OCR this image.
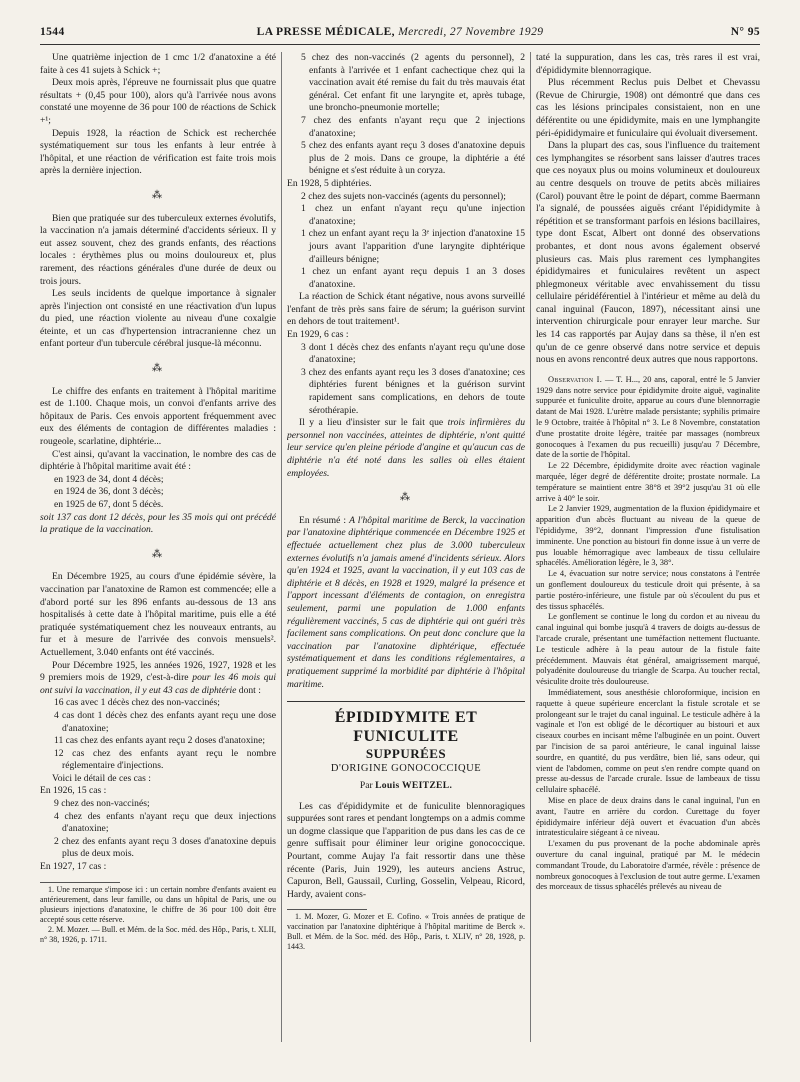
1544	LA PRESSE MÉDICALE, Mercredi, 27 Novembre 1929	N° 95

Une quatrième injection de 1 cmc 1/2 d'anatoxine a été faite à ces 41 sujets à Schick +;

Deux mois après, l'épreuve ne fournissait plus que quatre résultats + (0,45 pour 100), alors qu'à l'arrivée nous avons constaté une moyenne de 36 pour 100 de réactions de Schick +¹;

Depuis 1928, la réaction de Schick est recherchée systématiquement sur tous les enfants à leur entrée à l'hôpital, et une réaction de vérification est faite trois mois après la dernière injection.

⁂

Bien que pratiquée sur des tuberculeux externes évolutifs, la vaccination n'a jamais déterminé d'accidents sérieux. Il y eut assez souvent, chez des grands enfants, des réactions locales : érythèmes plus ou moins douloureux et, plus rarement, des réactions générales d'une durée de deux ou trois jours.

Les seuls incidents de quelque importance à signaler après l'injection ont consisté en une réactivation d'un lupus du pied, une réaction violente au niveau d'une coxalgie éteinte, et un cas d'hypertension intracranienne chez un enfant porteur d'un tubercule cérébral jusque-là méconnu.

⁂

Le chiffre des enfants en traitement à l'hôpital maritime est de 1.100. Chaque mois, un convoi d'enfants arrive des hôpitaux de Paris. Ces envois apportent fréquemment avec eux des éléments de contagion de différentes maladies : rougeole, scarlatine, diphtérie...

C'est ainsi, qu'avant la vaccination, le nombre des cas de diphtérie à l'hôpital maritime avait été :

en 1923 de 34, dont 4 décès;

en 1924 de 36, dont 3 décès;

en 1925 de 67, dont 5 décès.

soit 137 cas dont 12 décès, pour les 35 mois qui ont précédé la pratique de la vaccination.

⁂

En Décembre 1925, au cours d'une épidémie sévère, la vaccination par l'anatoxine de Ramon est commencée; elle a d'abord porté sur les 896 enfants au-dessous de 13 ans hospitalisés à cette date à l'hôpital maritime, puis elle a été pratiquée systématiquement chez les nouveaux entrants, au fur et à mesure de l'arrivée des convois mensuels². Actuellement, 3.040 enfants ont été vaccinés.

Pour Décembre 1925, les années 1926, 1927, 1928 et les 9 premiers mois de 1929, c'est-à-dire pour les 46 mois qui ont suivi la vaccination, il y eut 43 cas de diphtérie dont :

16 cas avec 1 décès chez des non-vaccinés;

4 cas dont 1 décès chez des enfants ayant reçu une dose d'anatoxine;

11 cas chez des enfants ayant reçu 2 doses d'anatoxine;

12 cas chez des enfants ayant reçu le nombre réglementaire d'injections.

Voici le détail de ces cas :

En 1926, 15 cas :

9 chez des non-vaccinés;

4 chez des enfants n'ayant reçu que deux injections d'anatoxine;

2 chez des enfants ayant reçu 3 doses d'anatoxine depuis plus de deux mois.

En 1927, 17 cas :

1. Une remarque s'impose ici : un certain nombre d'enfants avaient eu antérieurement, dans leur famille, ou dans un hôpital de Paris, une ou plusieurs injections d'anatoxine, le chiffre de 36 pour 100 doit être accepté sous cette réserve.

2. M. Mozer. — Bull. et Mém. de la Soc. méd. des Hôp., Paris, t. XLII, n° 38, 1926, p. 1711.

5 chez des non-vaccinés (2 agents du personnel), 2 enfants à l'arrivée et 1 enfant cachectique chez qui la vaccination avait été remise du fait du très mauvais état général. Cet enfant fit une laryngite et, après tubage, une broncho-pneumonie mortelle;

7 chez des enfants n'ayant reçu que 2 injections d'anatoxine;

5 chez des enfants ayant reçu 3 doses d'anatoxine depuis plus de 2 mois. Dans ce groupe, la diphtérie a été bénigne et s'est réduite à un coryza.

En 1928, 5 diphtéries.

2 chez des sujets non-vaccinés (agents du personnel);

1 chez un enfant n'ayant reçu qu'une injection d'anatoxine;

1 chez un enfant ayant reçu la 3ᵉ injection d'anatoxine 15 jours avant l'apparition d'une laryngite diphtérique d'ailleurs bénigne;

1 chez un enfant ayant reçu depuis 1 an 3 doses d'anatoxine.

La réaction de Schick étant négative, nous avons surveillé l'enfant de très près sans faire de sérum; la guérison survint en dehors de tout traitement¹.

En 1929, 6 cas :

3 dont 1 décès chez des enfants n'ayant reçu qu'une dose d'anatoxine;

3 chez des enfants ayant reçu les 3 doses d'anatoxine; ces diphtéries furent bénignes et la guérison survint rapidement sans complications, en dehors de toute sérothérapie.

Il y a lieu d'insister sur le fait que trois infirmières du personnel non vaccinées, atteintes de diphtérie, n'ont quitté leur service qu'en pleine période d'angine et qu'aucun cas de diphtérie n'a été noté dans les salles où elles étaient employées.

⁂

En résumé : A l'hôpital maritime de Berck, la vaccination par l'anatoxine diphtérique commencée en Décembre 1925 et effectuée actuellement chez plus de 3.000 tuberculeux externes évolutifs n'a jamais amené d'incidents sérieux. Alors qu'en 1924 et 1925, avant la vaccination, il y eut 103 cas de diphtérie et 8 décès, en 1928 et 1929, malgré la présence et l'apport incessant d'éléments de contagion, on enregistra seulement, parmi une population de 1.000 enfants régulièrement vaccinés, 5 cas de diphtérie qui ont guéri très facilement sans complications. On peut donc conclure que la vaccination par l'anatoxine diphtérique, effectuée systématiquement et dans les conditions réglementaires, a pratiquement supprimé la morbidité par diphtérie à l'hôpital maritime.

ÉPIDIDYMITE ET FUNICULITE
SUPPURÉES
D'ORIGINE GONOCOCCIQUE
Par Louis WEITZEL.

Les cas d'épididymite et de funiculite blennoragiques suppurées sont rares et pendant longtemps on a admis comme un dogme classique que l'apparition de pus dans les cas de ce genre suffisait pour éliminer leur origine gonococcique. Pourtant, comme Aujay l'a fait ressortir dans une thèse récente (Paris, Juin 1929), les auteurs anciens Astruc, Capuron, Bell, Gaussail, Curling, Gosselin, Velpeau, Ricord, Hardy, avaient cons-

1. M. Mozer, G. Mozer et E. Cofino. « Trois années de pratique de vaccination par l'anatoxine diphtérique à l'hôpital maritime de Berck ». Bull. et Mém. de la Soc. méd. des Hôp., Paris, t. XLIV, n° 28, 1928, p. 1443.

taté la suppuration, dans les cas, très rares il est vrai, d'épididymite blennorragique.

Plus récemment Reclus puis Delbet et Chevassu (Revue de Chirurgie, 1908) ont démontré que dans ces cas les lésions principales consistaient, non en une déférentite ou une épididymite, mais en une lymphangite péri-épididymaire et funiculaire qui évoluait diversement.

Dans la plupart des cas, sous l'influence du traitement ces lymphangites se résorbent sans laisser d'autres traces que ces noyaux plus ou moins volumineux et douloureux au centre desquels on trouve de petits abcès miliaires (Carol) pouvant être le point de départ, comme Baermann l'a signalé, de poussées aiguës créant l'épididymite à répétition et se transformant parfois en lésions bacillaires, type dont Escat, Albert ont donné des observations probantes, et dont nous avons également observé plusieurs cas. Mais plus rarement ces lymphangites épididymaires et funiculaires revêtent un aspect phlegmoneux véritable avec envahissement du tissu cellulaire péridéférentiel à l'intérieur et même au delà du canal inguinal (Faucon, 1897), nécessitant ainsi une intervention chirurgicale pour enrayer leur marche. Sur les 14 cas rapportés par Aujay dans sa thèse, il n'en est qu'un de ce genre observé dans notre service et depuis nous en avons rencontré deux autres que nous rapportons.

Observation I. — T. H..., 20 ans, caporal, entré le 5 Janvier 1929 dans notre service pour épididymite droite aiguë, vaginalite suppurée et funiculite droite, apparue au cours d'une blennorragie datant de Mai 1928. L'urètre malade persistante; syphilis primaire le 9 Octobre, traitée à l'hôpital n° 3. Le 8 Novembre, constatation d'une prostatite droite légère, traitée par massages (nombreux gonocoques à l'examen du pus recueilli) jusqu'au 7 Décembre, date de la sortie de l'hôpital.

Le 22 Décembre, épididymite droite avec réaction vaginale marquée, léger degré de déférentite droite; prostate normale. La température se maintient entre 38°8 et 39°2 jusqu'au 31 où elle arrive à 40° le soir.

Le 2 Janvier 1929, augmentation de la fluxion épididymaire et apparition d'un abcès fluctuant au niveau de la queue de l'épididyme, 39°2, donnant l'impression d'une fistulisation imminente. Une ponction au bistouri fin donne issue à un verre de pus louable hémorragique avec lambeaux de tissu cellulaire sphacélés. Amélioration légère, le 3, 38°.

Le 4, évacuation sur notre service; nous constatons à l'entrée un gonflement douloureux du testicule droit qui présente, à sa partie postéro-inférieure, une fistule par où s'écoulent du pus et des tissus sphacélés.

Le gonflement se continue le long du cordon et au niveau du canal inguinal qui bombe jusqu'à 4 travers de doigts au-dessus de l'arcade crurale, présentant une tuméfaction nettement fluctuante. Le testicule adhère à la peau autour de la fistule faite précédemment. Mauvais état général, amaigrissement marqué, polyadénite douloureuse du triangle de Scarpa. Au toucher rectal, vésiculite droite très douloureuse.

Immédiatement, sous anesthésie chloroformique, incision en raquette à queue supérieure encerclant la fistule scrotale et se prolongeant sur le trajet du canal inguinal. Le testicule adhère à la vaginale et l'on est obligé de le décortiquer au bistouri et aux ciseaux courbes en incisant même l'albuginée en un point. Ouvert par l'incision de sa paroi antérieure, le canal inguinal laisse sourdre, en quantité, du pus verdâtre, bien lié, sans odeur, qui vient de l'abdomen, comme on peut s'en rendre compte quand on presse au-dessus de l'arcade crurale. Issue de lambeaux de tissu cellulaire sphacélé.

Mise en place de deux drains dans le canal inguinal, l'un en avant, l'autre en arrière du cordon. Curettage du foyer épididymaire inférieur déjà ouvert et évacuation d'un abcès intratesticulaire siégeant à ce niveau.

L'examen du pus provenant de la poche abdominale après ouverture du canal inguinal, pratiqué par M. le médecin commandant Troude, du Laboratoire d'armée, révèle : présence de nombreux gonocoques à l'exclusion de tout autre germe. L'examen des morceaux de tissus sphacélés prélevés au niveau de
